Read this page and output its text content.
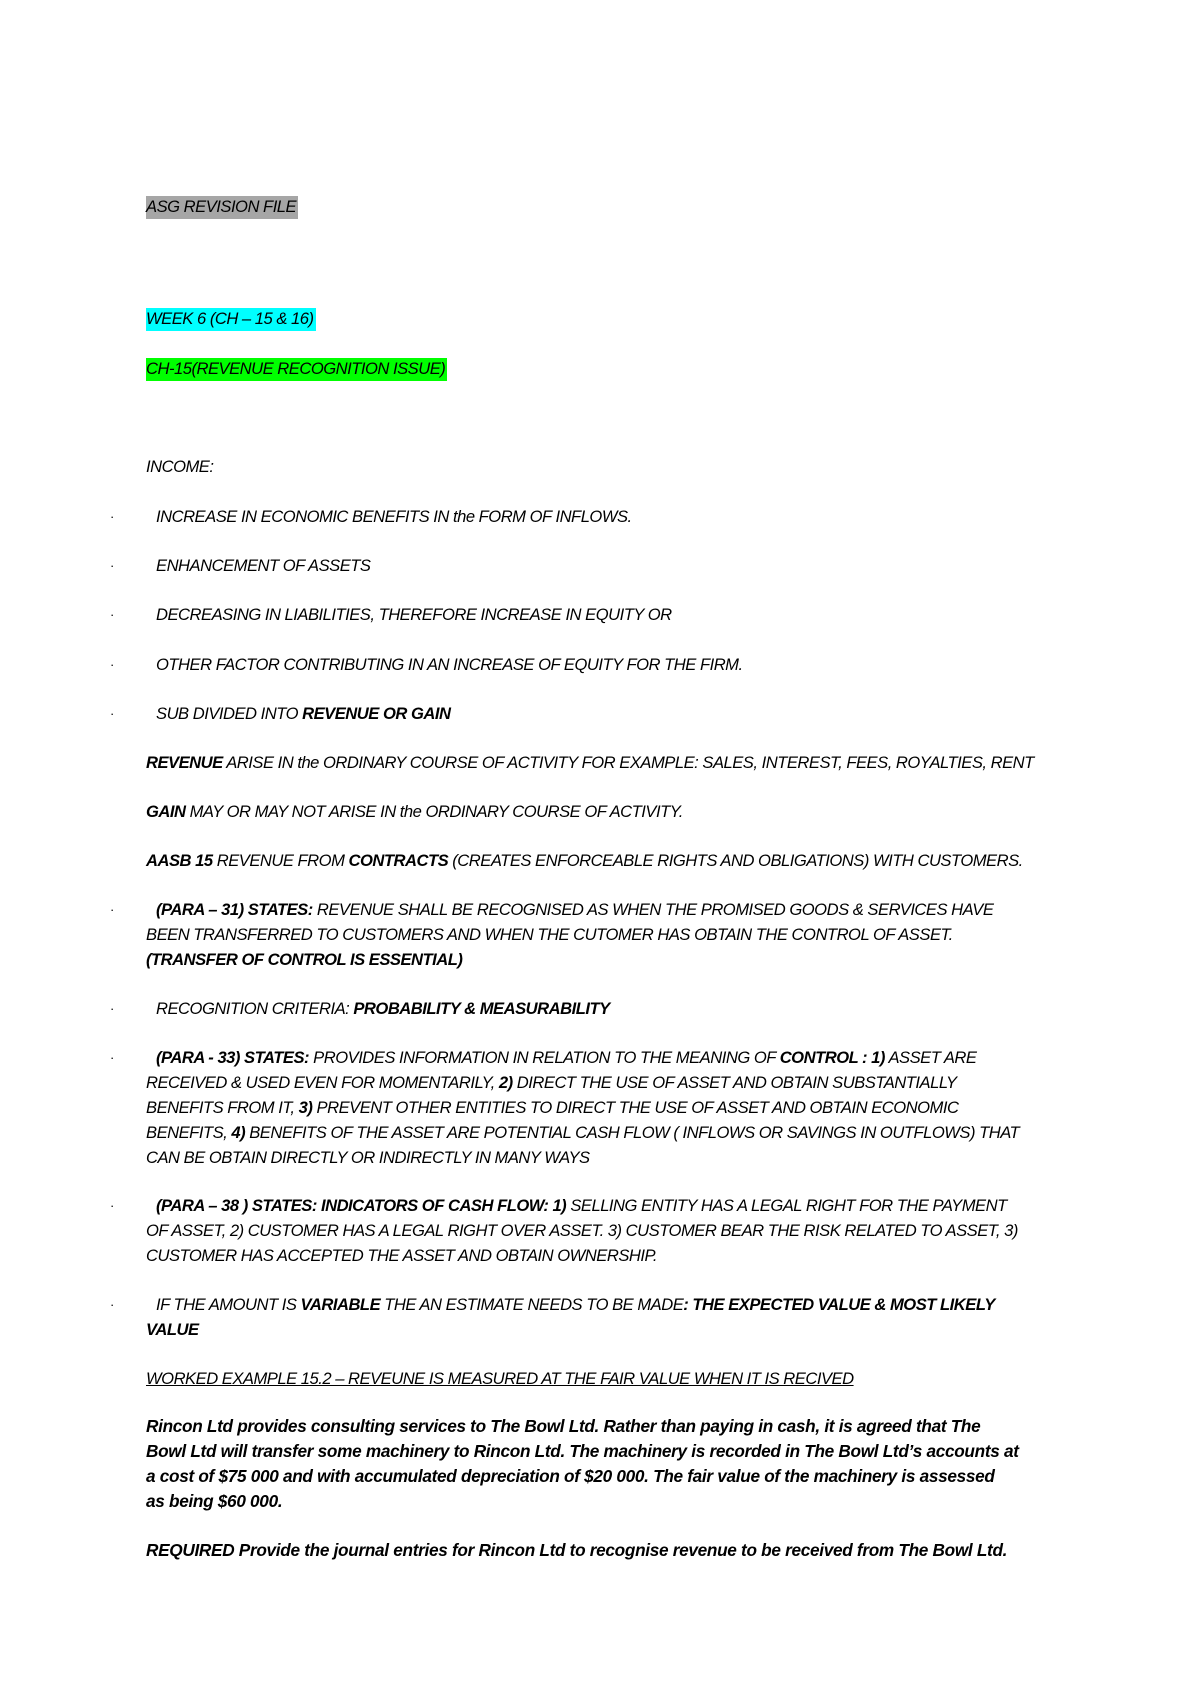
ASG REVISION FILE
WEEK 6 (CH – 15 & 16)
CH-15(REVENUE RECOGNITION ISSUE)
INCOME:
·	INCREASE IN ECONOMIC BENEFITS IN the FORM OF INFLOWS.
·	ENHANCEMENT OF ASSETS
·	DECREASING IN LIABILITIES, THEREFORE INCREASE IN EQUITY OR
·	OTHER FACTOR CONTRIBUTING IN AN INCREASE OF EQUITY FOR THE FIRM.
·	SUB DIVIDED INTO REVENUE OR GAIN
REVENUE ARISE IN the ORDINARY COURSE OF ACTIVITY FOR EXAMPLE: SALES, INTEREST, FEES, ROYALTIES, RENT
GAIN MAY OR MAY NOT ARISE IN the ORDINARY COURSE OF ACTIVITY.
AASB 15 REVENUE FROM CONTRACTS (CREATES ENFORCEABLE RIGHTS AND OBLIGATIONS) WITH CUSTOMERS.
·	(PARA – 31) STATES: REVENUE SHALL BE RECOGNISED AS WHEN THE PROMISED GOODS & SERVICES HAVE
BEEN TRANSFERRED TO CUSTOMERS AND WHEN THE CUTOMER HAS OBTAIN THE CONTROL OF ASSET.
(TRANSFER OF CONTROL IS ESSENTIAL)
·	RECOGNITION CRITERIA: PROBABILITY & MEASURABILITY
·	(PARA - 33) STATES: PROVIDES INFORMATION IN RELATION TO THE MEANING OF CONTROL : 1) ASSET ARE
RECEIVED & USED EVEN FOR MOMENTARILY, 2) DIRECT THE USE OF ASSET AND OBTAIN SUBSTANTIALLY
BENEFITS FROM IT, 3) PREVENT OTHER ENTITIES TO DIRECT THE USE OF ASSET AND OBTAIN ECONOMIC
BENEFITS, 4) BENEFITS OF THE ASSET ARE POTENTIAL CASH FLOW ( INFLOWS OR SAVINGS IN OUTFLOWS) THAT
CAN BE OBTAIN DIRECTLY OR INDIRECTLY IN MANY WAYS
·	(PARA – 38 ) STATES: INDICATORS OF CASH FLOW: 1) SELLING ENTITY HAS A LEGAL RIGHT FOR THE PAYMENT
OF ASSET, 2) CUSTOMER HAS A LEGAL RIGHT OVER ASSET. 3) CUSTOMER BEAR THE RISK RELATED TO ASSET, 3)
CUSTOMER HAS ACCEPTED THE ASSET AND OBTAIN OWNERSHIP.
·	IF THE AMOUNT IS VARIABLE THE AN ESTIMATE NEEDS TO BE MADE: THE EXPECTED VALUE & MOST LIKELY
VALUE
WORKED EXAMPLE 15.2 – REVEUNE IS MEASURED AT THE FAIR VALUE WHEN IT IS RECIVED
Rincon Ltd provides consulting services to The Bowl Ltd. Rather than paying in cash, it is agreed that The
Bowl Ltd will transfer some machinery to Rincon Ltd. The machinery is recorded in The Bowl Ltd’s accounts at
a cost of $75 000 and with accumulated depreciation of $20 000. The fair value of the machinery is assessed
as being $60 000.
REQUIRED Provide the journal entries for Rincon Ltd to recognise revenue to be received from The Bowl Ltd.
